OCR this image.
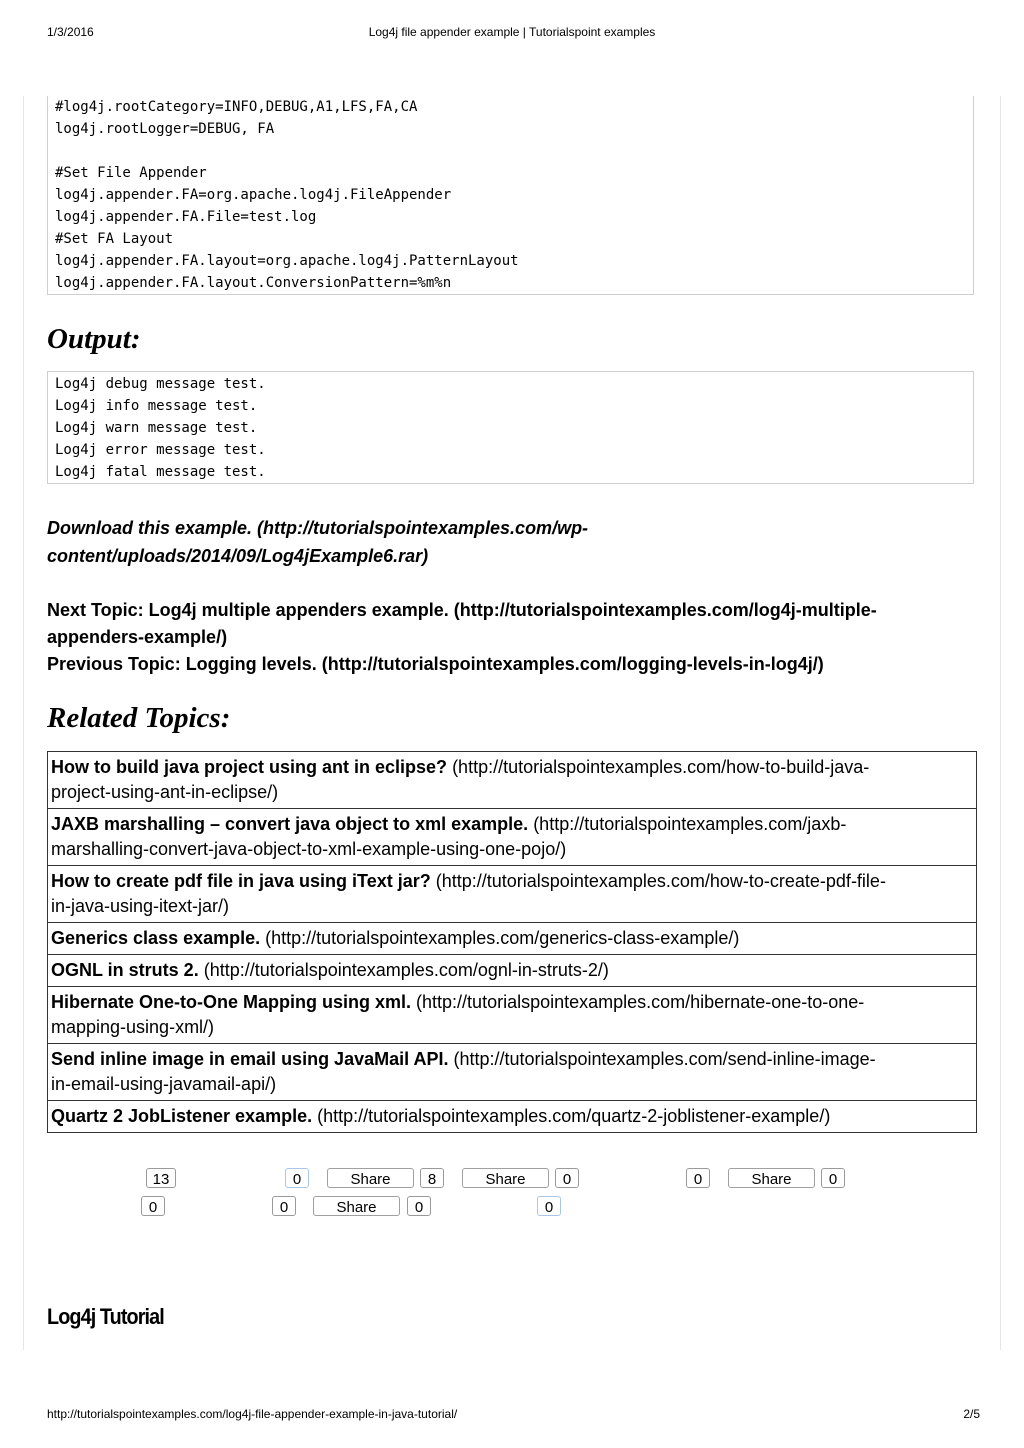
1/3/2016	Log4j file appender example | Tutorialspoint examples
#log4j.rootCategory=INFO,DEBUG,A1,LFS,FA,CA
log4j.rootLogger=DEBUG, FA
#Set File Appender
log4j.appender.FA=org.apache.log4j.FileAppender
log4j.appender.FA.File=test.log
#Set FA Layout
log4j.appender.FA.layout=org.apache.log4j.PatternLayout
log4j.appender.FA.layout.ConversionPattern=%m%n
Output:
Log4j debug message test.
Log4j info message test.
Log4j warn message test.
Log4j error message test.
Log4j fatal message test.
Download this example. (http://tutorialspointexamples.com/wp-
content/uploads/2014/09/Log4jExample6.rar)
Next Topic: Log4j multiple appenders example. (http://tutorialspointexamples.com/log4j-multiple-
appenders-example/)
Previous Topic: Logging levels. (http://tutorialspointexamples.com/logging-levels-in-log4j/)
Related Topics:
How to build java project using ant in eclipse? (http://tutorialspointexamples.com/how-to-build-java-
project-using-ant-in-eclipse/)
JAXB marshalling – convert java object to xml example. (http://tutorialspointexamples.com/jaxb-
marshalling-convert-java-object-to-xml-example-using-one-pojo/)
How to create pdf file in java using iText jar? (http://tutorialspointexamples.com/how-to-create-pdf-file-
in-java-using-itext-jar/)
Generics class example. (http://tutorialspointexamples.com/generics-class-example/)
OGNL in struts 2. (http://tutorialspointexamples.com/ognl-in-struts-2/)
Hibernate One-to-One Mapping using xml. (http://tutorialspointexamples.com/hibernate-one-to-one-
mapping-using-xml/)
Send inline image in email using JavaMail API. (http://tutorialspointexamples.com/send-inline-image-
in-email-using-javamail-api/)
Quartz 2 JobListener example. (http://tutorialspointexamples.com/quartz-2-joblistener-example/)
13	0	Share	8	Share	0	0	Share	0
0	0	Share	0	0
Log4j Tutorial
http://tutorialspointexamples.com/log4j-file-appender-example-in-java-tutorial/	2/5
